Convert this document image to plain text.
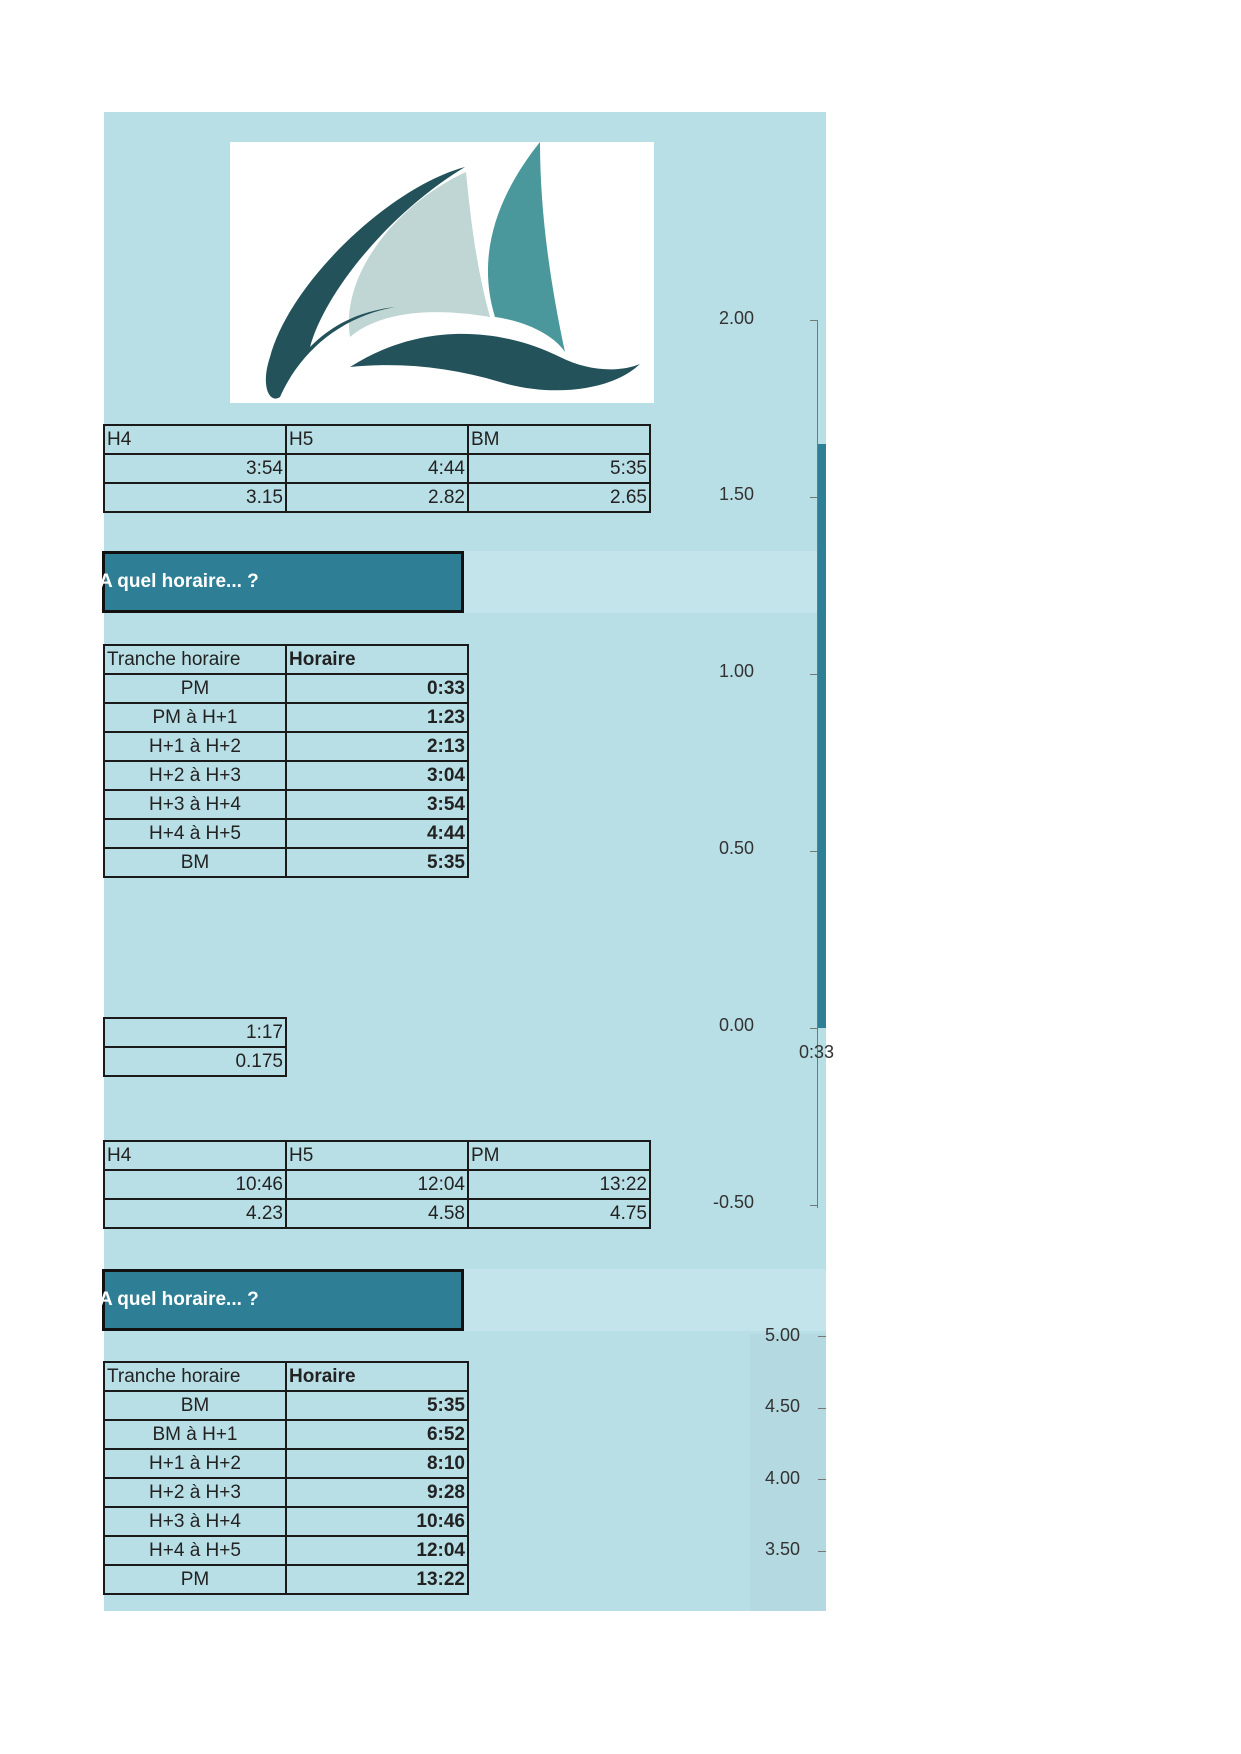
H4	H5	BM
3:54	4:44	5:35
3.15	2.82	2.65
A quel horaire... ?
Tranche horaire	Horaire
PM	0:33
PM à H+1	1:23
H+1 à H+2	2:13
H+2 à H+3	3:04
H+3 à H+4	3:54
H+4 à H+5	4:44
BM	5:35
1:17
0.175
H4	H5	PM
10:46	12:04	13:22
4.23	4.58	4.75
A quel horaire... ?
Tranche horaire	Horaire
BM	5:35
BM à H+1	6:52
H+1 à H+2	8:10
H+2 à H+3	9:28
H+3 à H+4	10:46
H+4 à H+5	12:04
PM	13:22
2.00
1.50
1.00
0.50
0.00
-0.50
0:33
5.00
4.50
4.00
3.50
